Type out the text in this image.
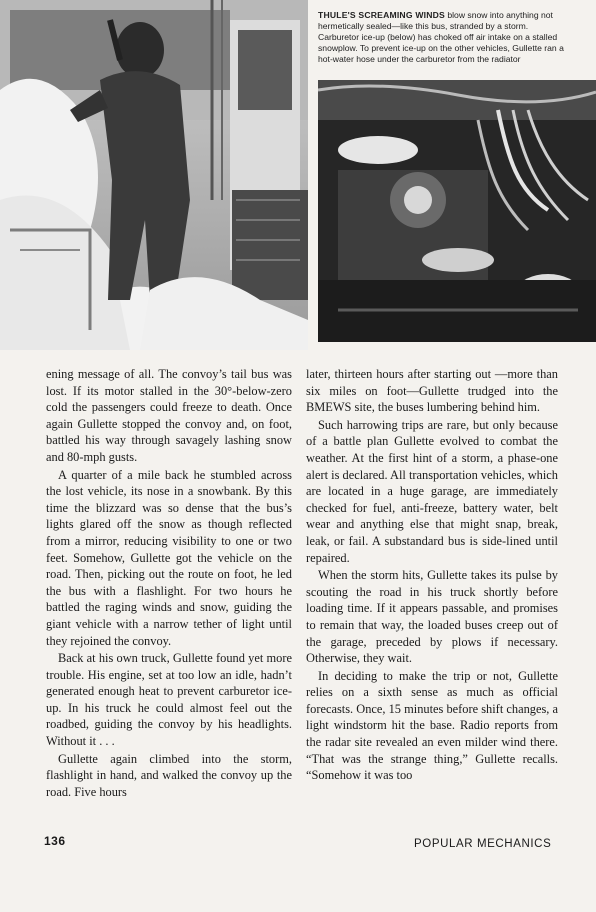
THULE'S SCREAMING WINDS blow snow into anything not hermetically sealed—like this bus, stranded by a storm. Carburetor ice-up (below) has choked off air intake on a stalled snowplow. To prevent ice-up on the other vehicles, Gullette ran a hot-water hose under the carburetor from the radiator

ening message of all. The convoy’s tail bus was lost. If its motor stalled in the 30°-below-zero cold the passengers could freeze to death. Once again Gullette stopped the convoy and, on foot, battled his way through savagely lashing snow and 80-mph gusts.

A quarter of a mile back he stumbled across the lost vehicle, its nose in a snowbank. By this time the blizzard was so dense that the bus’s lights glared off the snow as though reflected from a mirror, reducing visibility to one or two feet. Somehow, Gullette got the vehicle on the road. Then, picking out the route on foot, he led the bus with a flashlight. For two hours he battled the raging winds and snow, guiding the giant vehicle with a narrow tether of light until they rejoined the convoy.

Back at his own truck, Gullette found yet more trouble. His engine, set at too low an idle, hadn’t generated enough heat to prevent carburetor ice-up. In his truck he could almost feel out the roadbed, guiding the convoy by his headlights. Without it . . .

Gullette again climbed into the storm, flashlight in hand, and walked the convoy up the road. Five hours

later, thirteen hours after starting out —more than six miles on foot—Gullette trudged into the BMEWS site, the buses lumbering behind him.

Such harrowing trips are rare, but only because of a battle plan Gullette evolved to combat the weather. At the first hint of a storm, a phase-one alert is declared. All transportation vehicles, which are located in a huge garage, are immediately checked for fuel, anti-freeze, battery water, belt wear and anything else that might snap, break, leak, or fail. A substandard bus is side-lined until repaired.

When the storm hits, Gullette takes its pulse by scouting the road in his truck shortly before loading time. If it appears passable, and promises to remain that way, the loaded buses creep out of the garage, preceded by plows if necessary. Otherwise, they wait.

In deciding to make the trip or not, Gullette relies on a sixth sense as much as official forecasts. Once, 15 minutes before shift changes, a light windstorm hit the base. Radio reports from the radar site revealed an even milder wind there. “That was the strange thing,” Gullette recalls. “Somehow it was too

136	POPULAR MECHANICS
